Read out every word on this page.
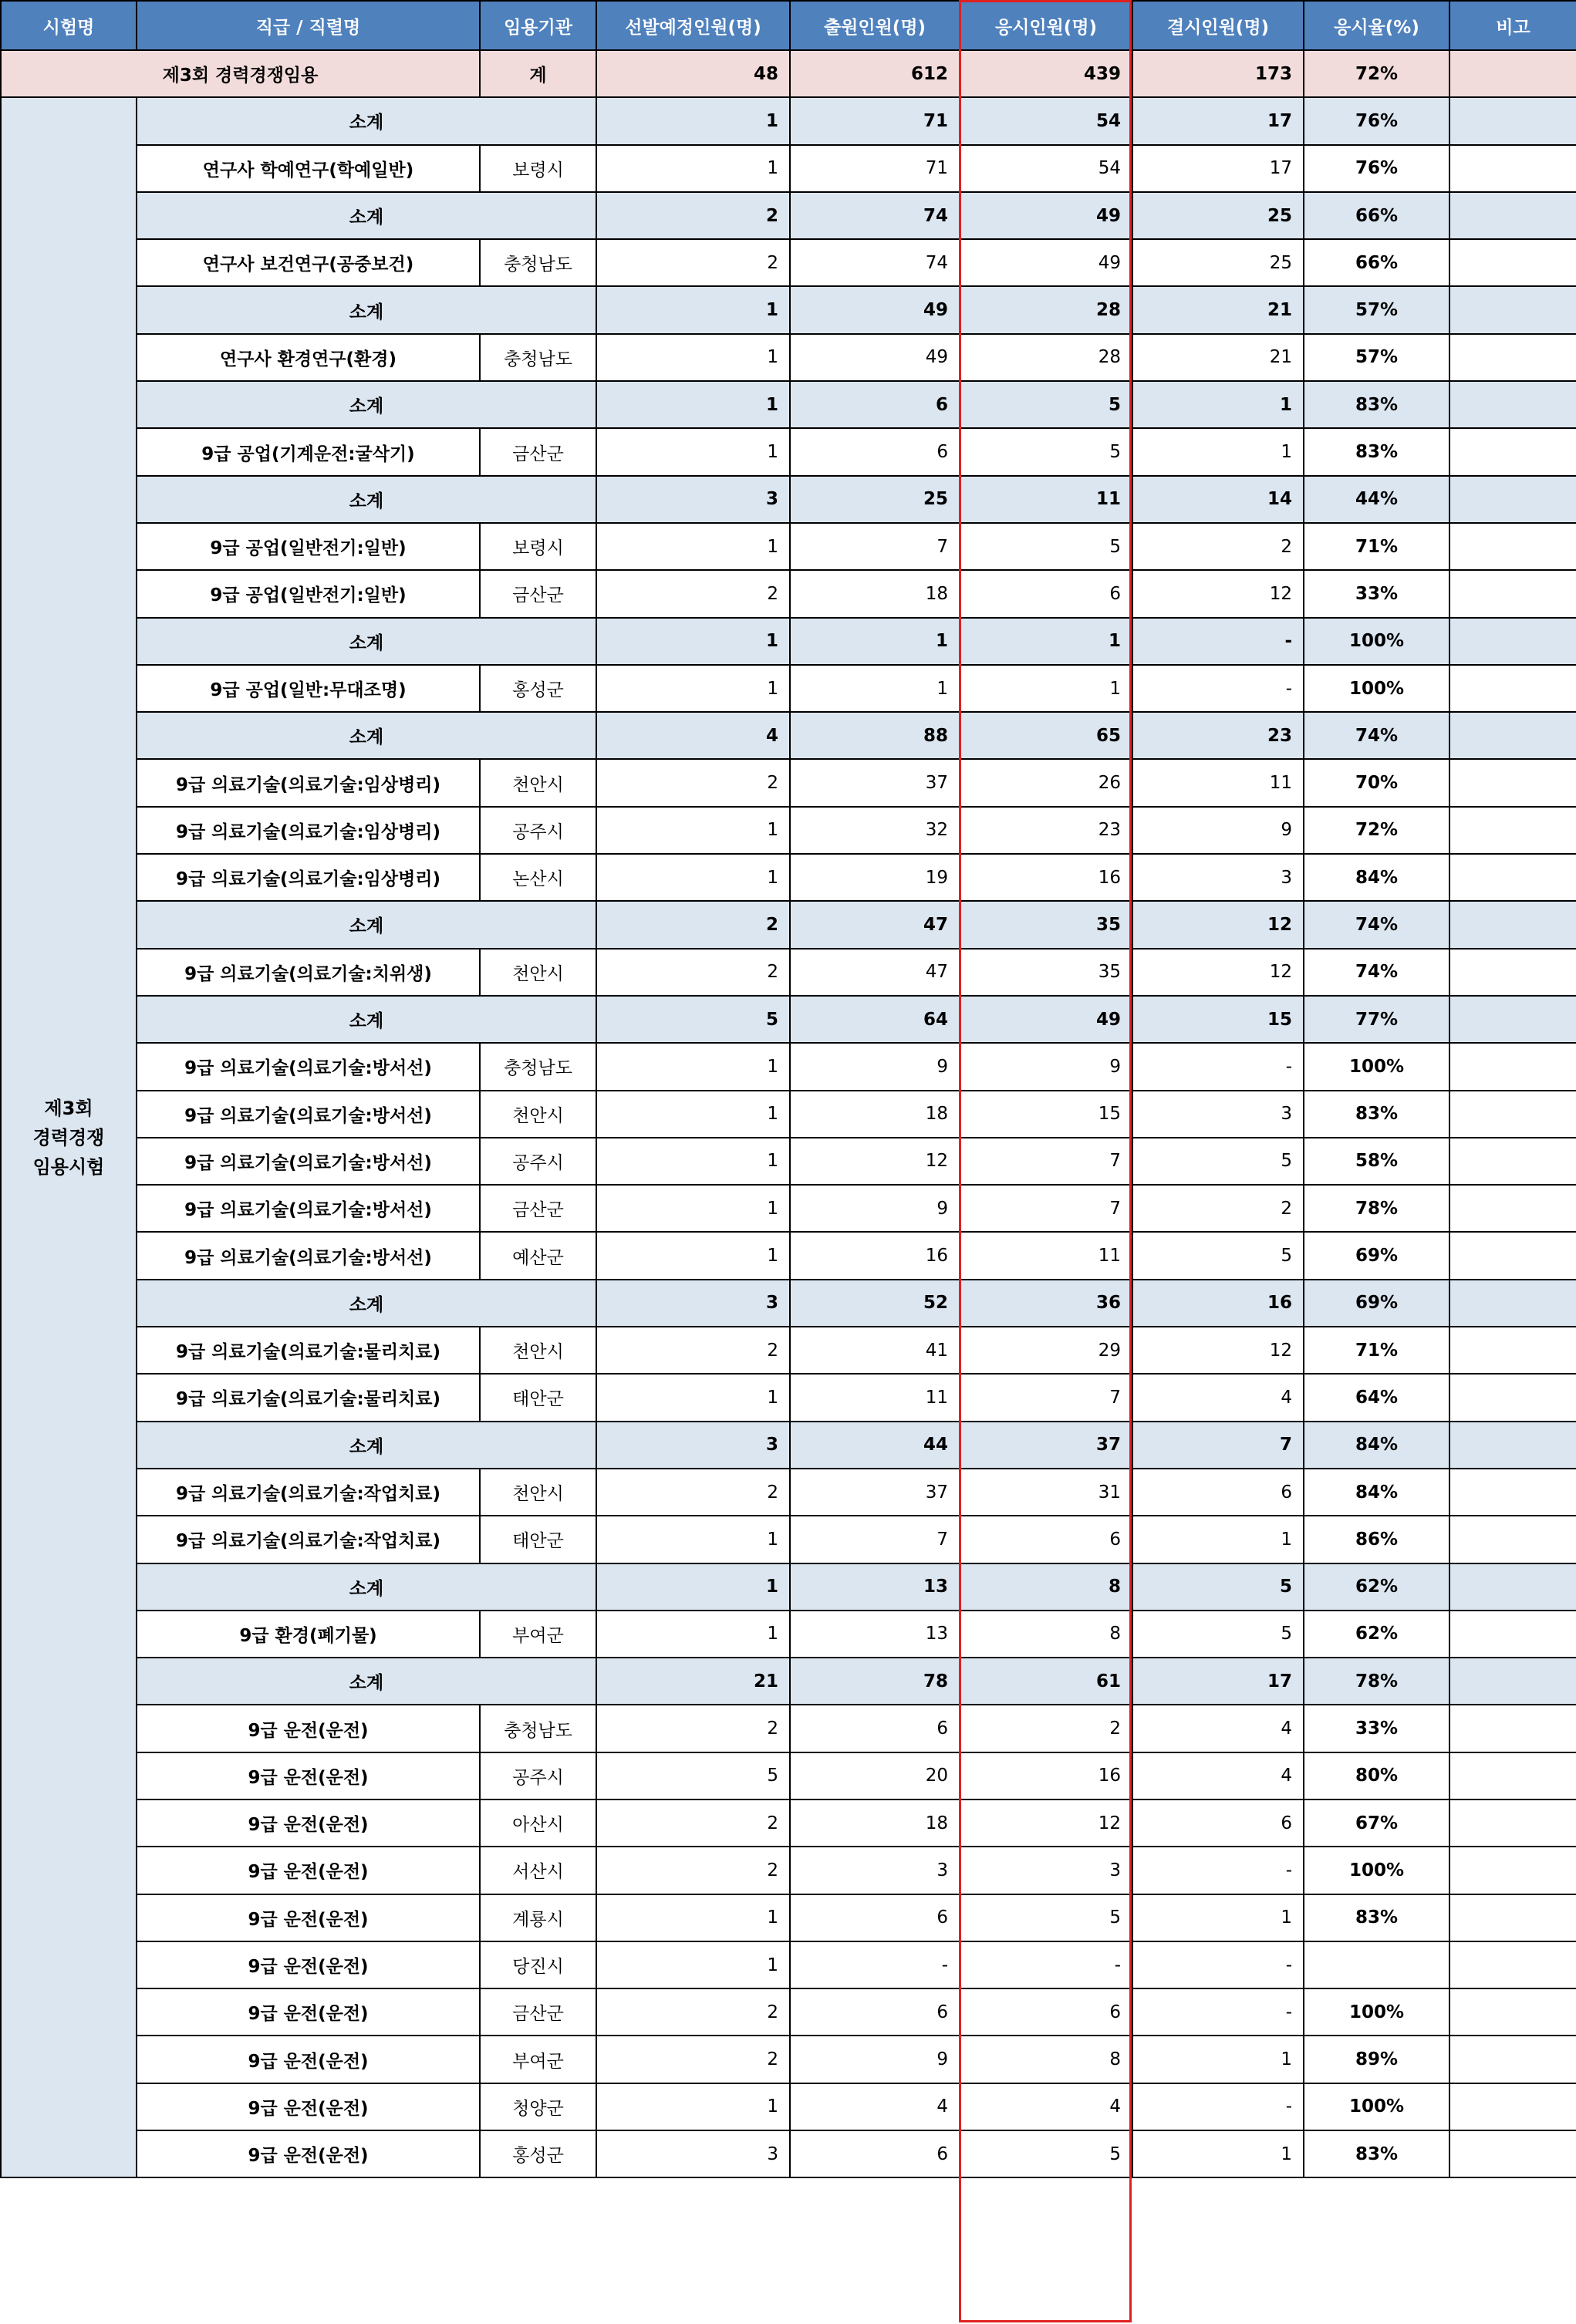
시험명	직급 / 직렬명	임용기관	선발예정인원(명)	출원인원(명)	응시인원(명)	결시인원(명)	응시율(%)	비고
제3회 경력경쟁임용		계	48	612	439	173	72%	
제3회
경력경쟁
임용시험	소계		1	71	54	17	76%	
	연구사 학예연구(학예일반)	보령시	1	71	54	17	76%	
	소계		2	74	49	25	66%	
	연구사 보건연구(공중보건)	충청남도	2	74	49	25	66%	
	소계		1	49	28	21	57%	
	연구사 환경연구(환경)	충청남도	1	49	28	21	57%	
	소계		1	6	5	1	83%	
	9급 공업(기계운전:굴삭기)	금산군	1	6	5	1	83%	
	소계		3	25	11	14	44%	
	9급 공업(일반전기:일반)	보령시	1	7	5	2	71%	
	9급 공업(일반전기:일반)	금산군	2	18	6	12	33%	
	소계		1	1	1	-	100%	
	9급 공업(일반:무대조명)	홍성군	1	1	1	-	100%	
	소계		4	88	65	23	74%	
	9급 의료기술(의료기술:임상병리)	천안시	2	37	26	11	70%	
	9급 의료기술(의료기술:임상병리)	공주시	1	32	23	9	72%	
	9급 의료기술(의료기술:임상병리)	논산시	1	19	16	3	84%	
	소계		2	47	35	12	74%	
	9급 의료기술(의료기술:치위생)	천안시	2	47	35	12	74%	
	소계		5	64	49	15	77%	
	9급 의료기술(의료기술:방서선)	충청남도	1	9	9	-	100%	
	9급 의료기술(의료기술:방서선)	천안시	1	18	15	3	83%	
	9급 의료기술(의료기술:방서선)	공주시	1	12	7	5	58%	
	9급 의료기술(의료기술:방서선)	금산군	1	9	7	2	78%	
	9급 의료기술(의료기술:방서선)	예산군	1	16	11	5	69%	
	소계		3	52	36	16	69%	
	9급 의료기술(의료기술:물리치료)	천안시	2	41	29	12	71%	
	9급 의료기술(의료기술:물리치료)	태안군	1	11	7	4	64%	
	소계		3	44	37	7	84%	
	9급 의료기술(의료기술:작업치료)	천안시	2	37	31	6	84%	
	9급 의료기술(의료기술:작업치료)	태안군	1	7	6	1	86%	
	소계		1	13	8	5	62%	
	9급 환경(폐기물)	부여군	1	13	8	5	62%	
	소계		21	78	61	17	78%	
	9급 운전(운전)	충청남도	2	6	2	4	33%	
	9급 운전(운전)	공주시	5	20	16	4	80%	
	9급 운전(운전)	아산시	2	18	12	6	67%	
	9급 운전(운전)	서산시	2	3	3	-	100%	
	9급 운전(운전)	계룡시	1	6	5	1	83%	
	9급 운전(운전)	당진시	1	-	-	-		
	9급 운전(운전)	금산군	2	6	6	-	100%	
	9급 운전(운전)	부여군	2	9	8	1	89%	
	9급 운전(운전)	청양군	1	4	4	-	100%	
	9급 운전(운전)	홍성군	3	6	5	1	83%	
